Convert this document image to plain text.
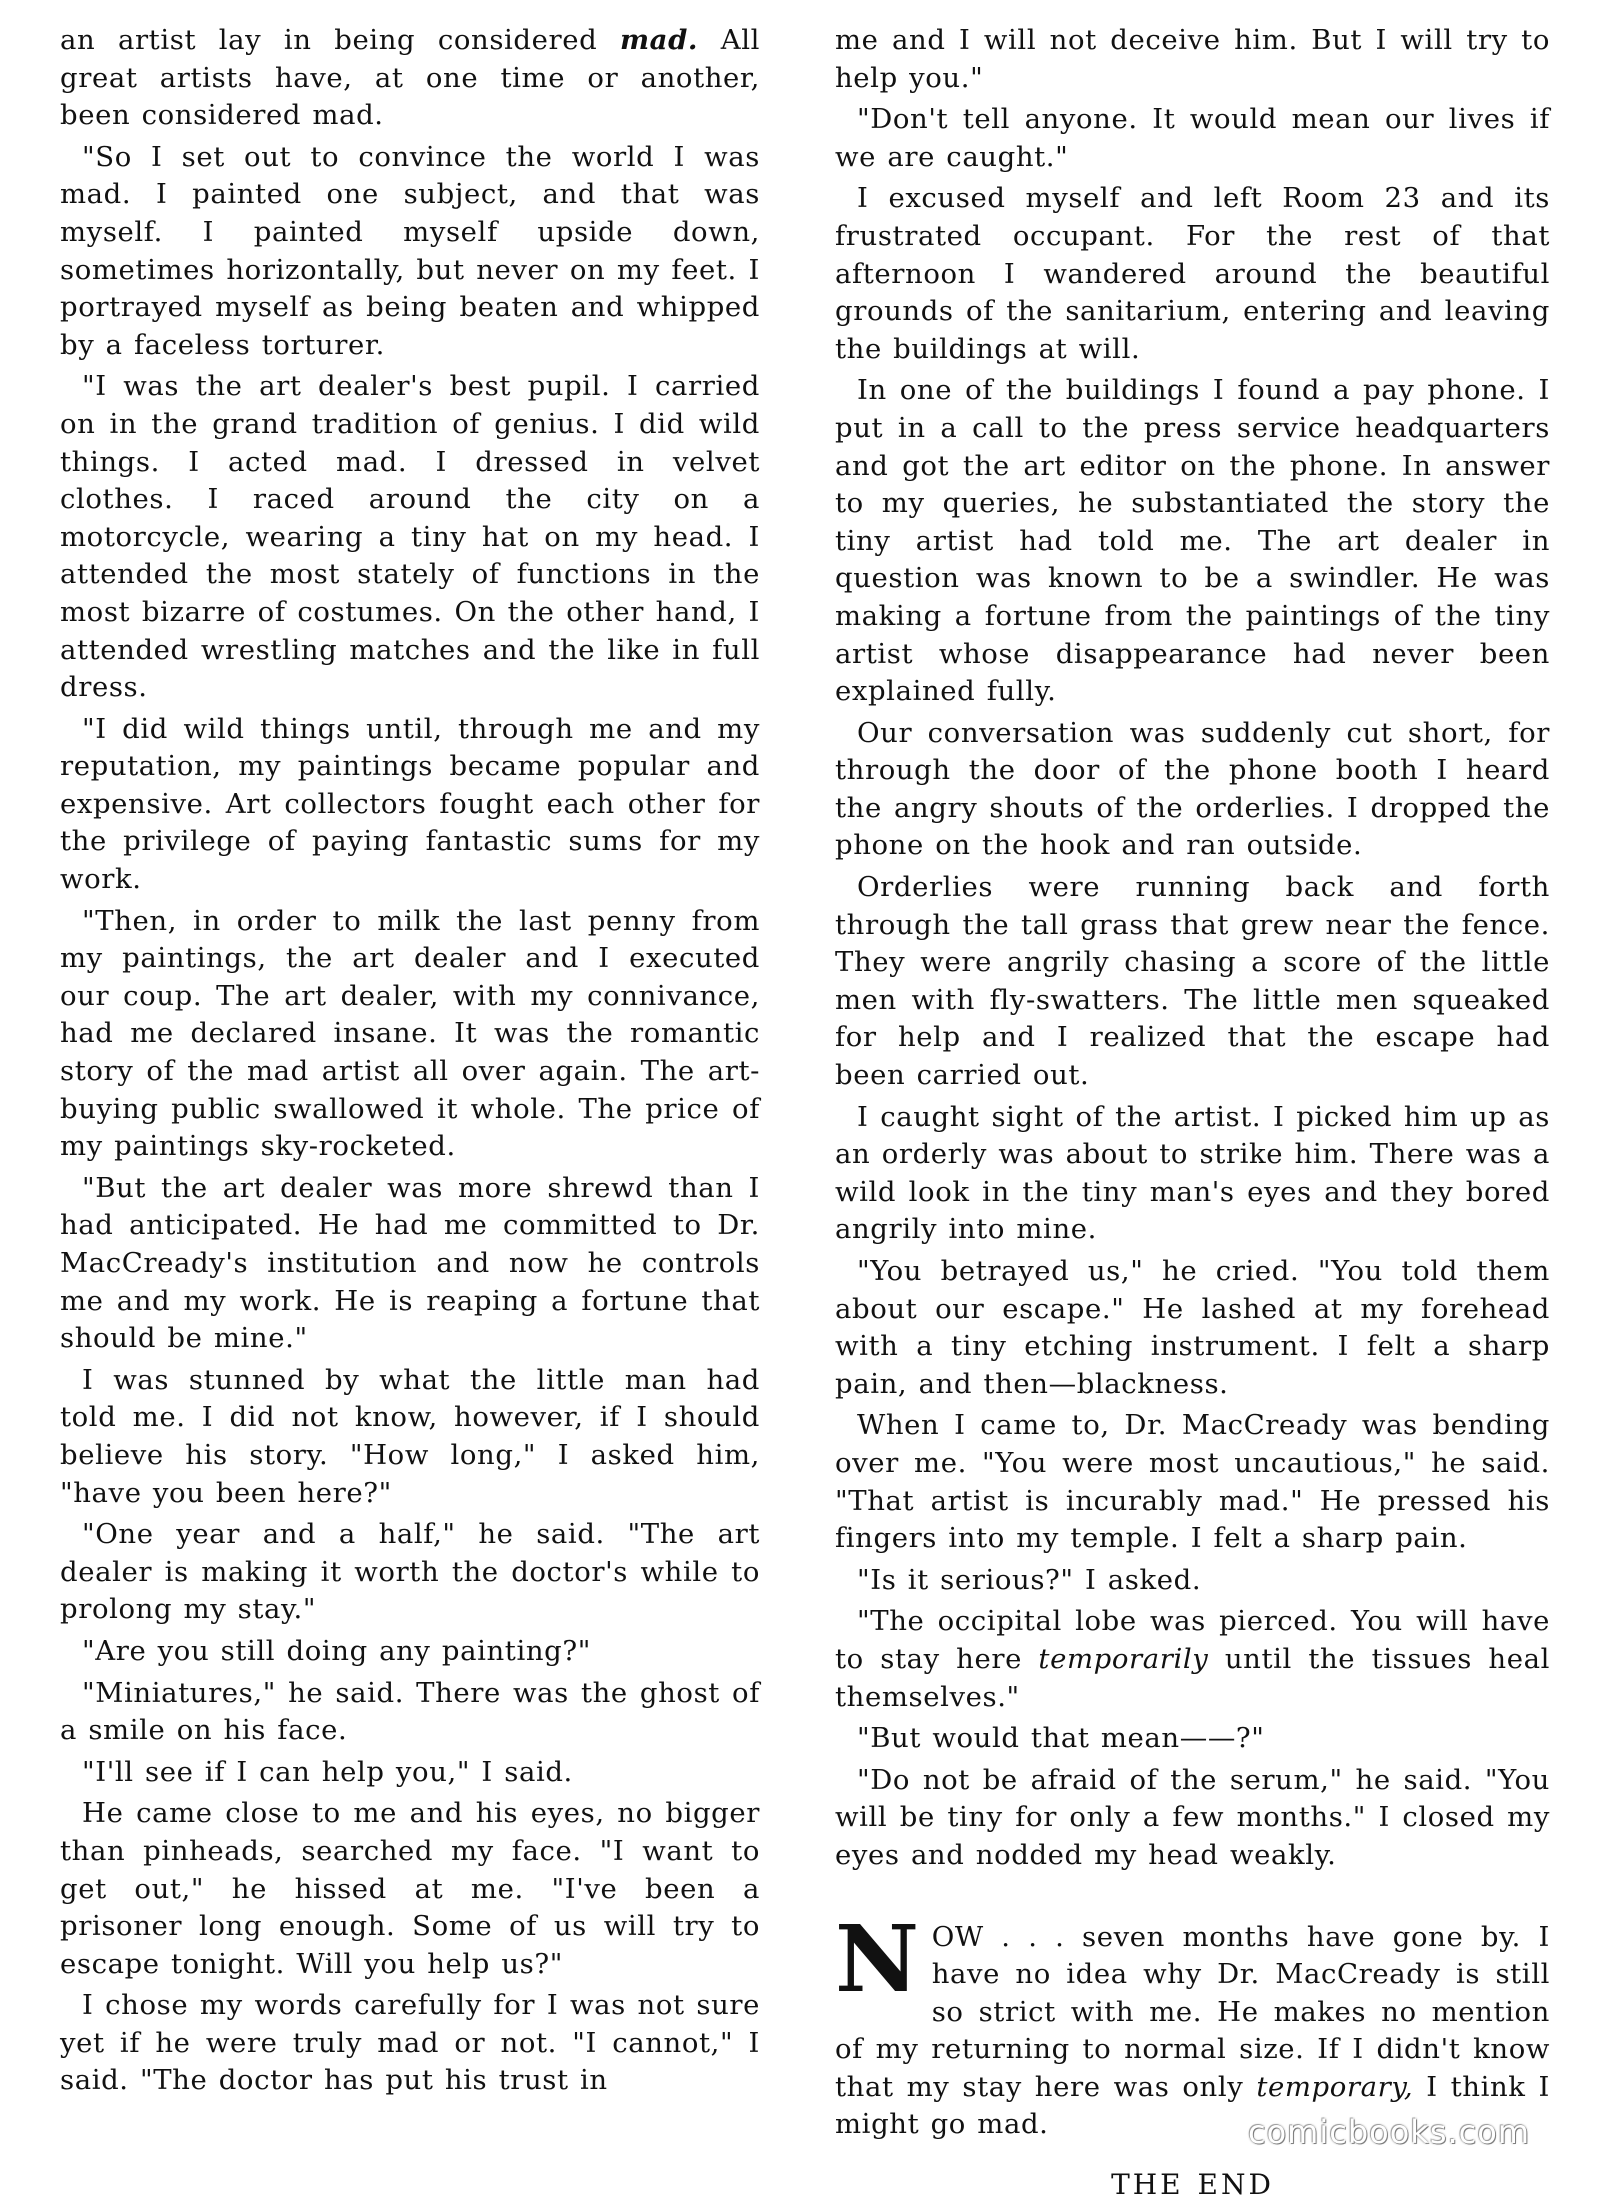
an artist lay in being considered mad. All great artists have, at one time or another, been considered mad.

"So I set out to convince the world I was mad. I painted one subject, and that was myself. I painted myself upside down, sometimes horizontally, but never on my feet. I portrayed myself as being beaten and whipped by a faceless torturer.

"I was the art dealer's best pupil. I carried on in the grand tradition of genius. I did wild things. I acted mad. I dressed in velvet clothes. I raced around the city on a motorcycle, wearing a tiny hat on my head. I attended the most stately of functions in the most bizarre of costumes. On the other hand, I attended wrestling matches and the like in full dress.

"I did wild things until, through me and my reputation, my paintings became popular and expensive. Art collectors fought each other for the privilege of paying fantastic sums for my work.

"Then, in order to milk the last penny from my paintings, the art dealer and I executed our coup. The art dealer, with my connivance, had me declared insane. It was the romantic story of the mad artist all over again. The art-buying public swallowed it whole. The price of my paintings sky-rocketed.

"But the art dealer was more shrewd than I had anticipated. He had me committed to Dr. MacCready's institution and now he controls me and my work. He is reaping a fortune that should be mine."

I was stunned by what the little man had told me. I did not know, however, if I should believe his story. "How long," I asked him, "have you been here?"

"One year and a half," he said. "The art dealer is making it worth the doctor's while to prolong my stay."

"Are you still doing any painting?"

"Miniatures," he said. There was the ghost of a smile on his face.

"I'll see if I can help you," I said.

He came close to me and his eyes, no bigger than pinheads, searched my face. "I want to get out," he hissed at me. "I've been a prisoner long enough. Some of us will try to escape tonight. Will you help us?"

I chose my words carefully for I was not sure yet if he were truly mad or not. "I cannot," I said. "The doctor has put his trust in

me and I will not deceive him. But I will try to help you."

"Don't tell anyone. It would mean our lives if we are caught."

I excused myself and left Room 23 and its frustrated occupant. For the rest of that afternoon I wandered around the beautiful grounds of the sanitarium, entering and leaving the buildings at will.

In one of the buildings I found a pay phone. I put in a call to the press service headquarters and got the art editor on the phone. In answer to my queries, he substantiated the story the tiny artist had told me. The art dealer in question was known to be a swindler. He was making a fortune from the paintings of the tiny artist whose disappearance had never been explained fully.

Our conversation was suddenly cut short, for through the door of the phone booth I heard the angry shouts of the orderlies. I dropped the phone on the hook and ran outside.

Orderlies were running back and forth through the tall grass that grew near the fence. They were angrily chasing a score of the little men with fly-swatters. The little men squeaked for help and I realized that the escape had been carried out.

I caught sight of the artist. I picked him up as an orderly was about to strike him. There was a wild look in the tiny man's eyes and they bored angrily into mine.

"You betrayed us," he cried. "You told them about our escape." He lashed at my forehead with a tiny etching instrument. I felt a sharp pain, and then—blackness.

When I came to, Dr. MacCready was bending over me. "You were most uncautious," he said. "That artist is incurably mad." He pressed his fingers into my temple. I felt a sharp pain.

"Is it serious?" I asked.

"The occipital lobe was pierced. You will have to stay here temporarily until the tissues heal themselves."

"But would that mean——?"

"Do not be afraid of the serum," he said. "You will be tiny for only a few months." I closed my eyes and nodded my head weakly.

NOW . . . seven months have gone by. I have no idea why Dr. MacCready is still so strict with me. He makes no mention of my returning to normal size. If I didn't know that my stay here was only temporary, I think I might go mad.

THE END
comicbooks.com
